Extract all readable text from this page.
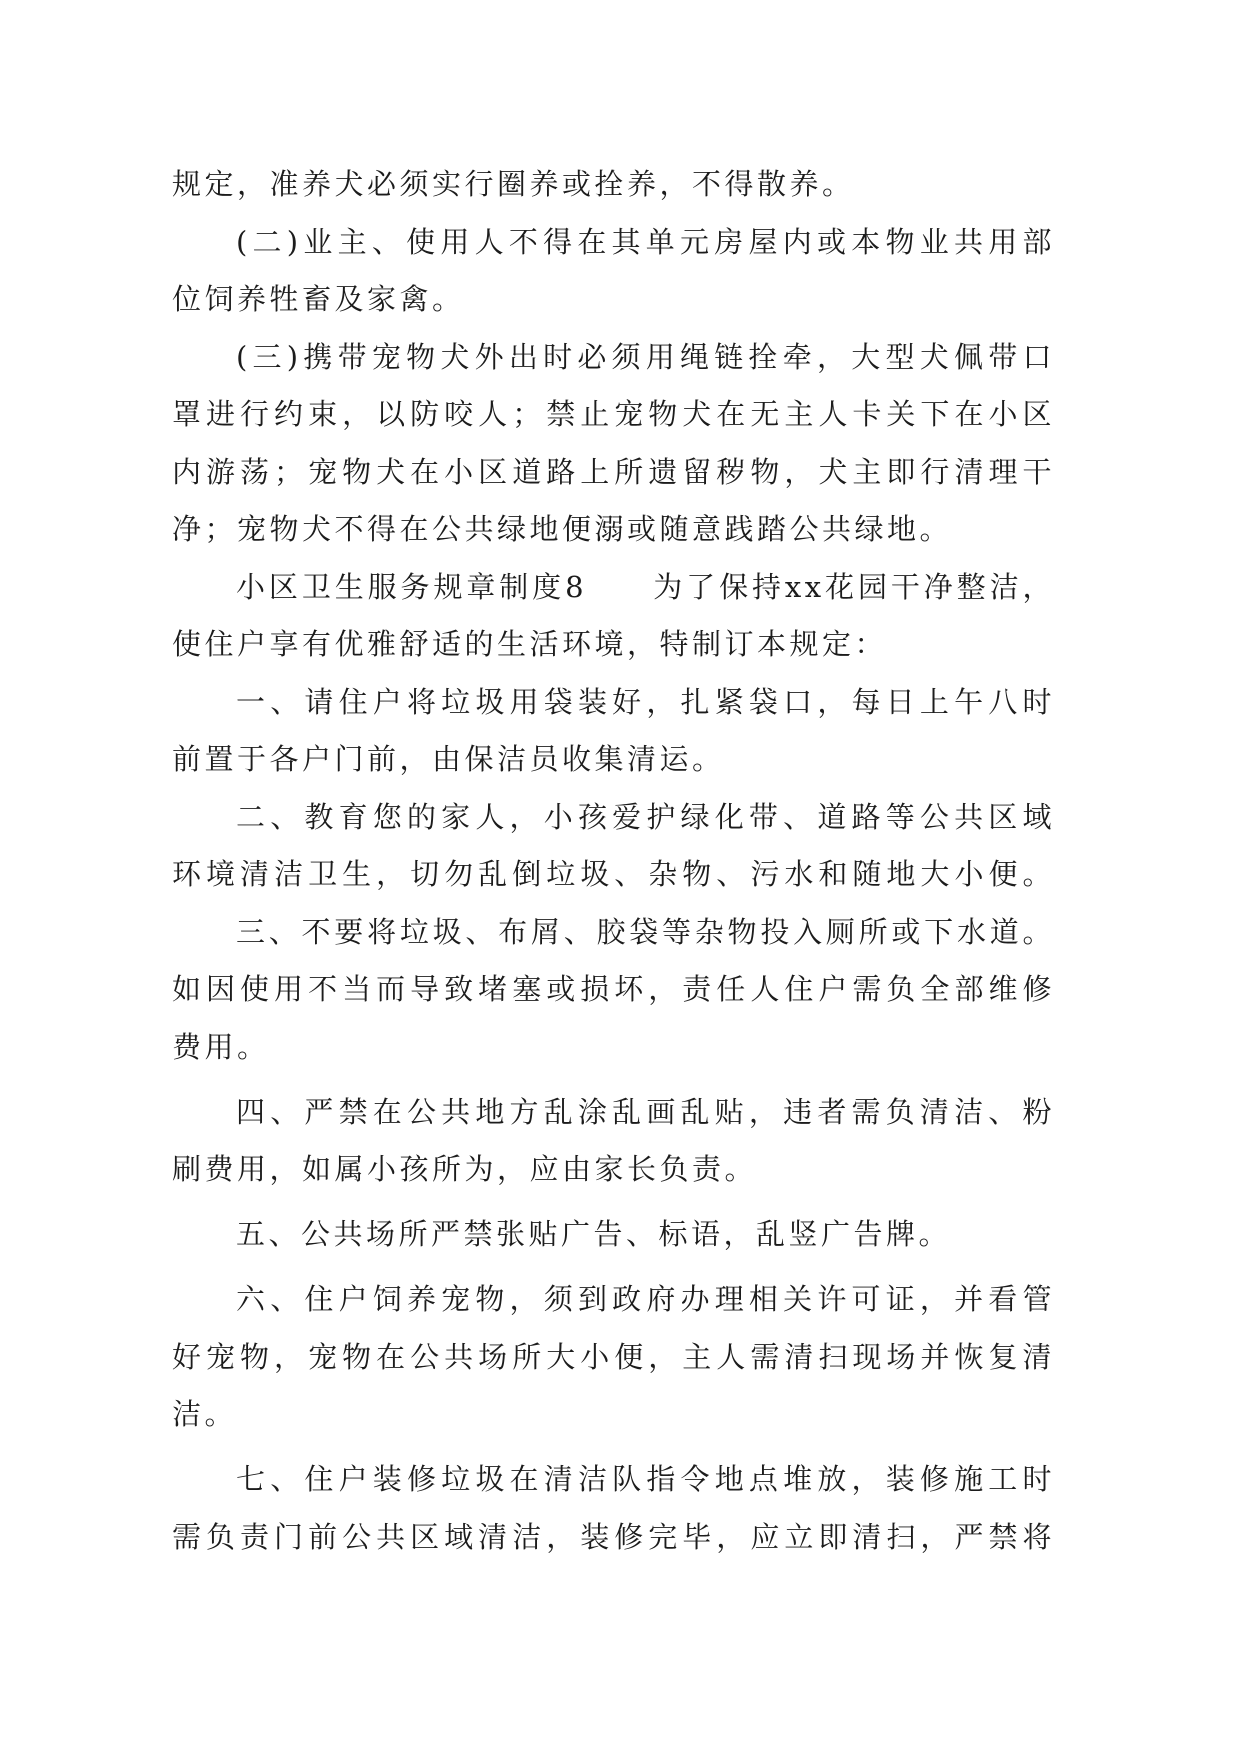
规定，准养犬必须实行圈养或拴养，不得散养。
(二)业主、使用人不得在其单元房屋内或本物业共用部
位饲养牲畜及家禽。
(三)携带宠物犬外出时必须用绳链拴牵，大型犬佩带口
罩进行约束，以防咬人；禁止宠物犬在无主人卡关下在小区
内游荡；宠物犬在小区道路上所遗留秽物，犬主即行清理干
净；宠物犬不得在公共绿地便溺或随意践踏公共绿地。
小区卫生服务规章制度8　　为了保持xx花园干净整洁，
使住户享有优雅舒适的生活环境，特制订本规定：
一、请住户将垃圾用袋装好，扎紧袋口，每日上午八时
前置于各户门前，由保洁员收集清运。
二、教育您的家人，小孩爱护绿化带、道路等公共区域
环境清洁卫生，切勿乱倒垃圾、杂物、污水和随地大小便。
三、不要将垃圾、布屑、胶袋等杂物投入厕所或下水道。
如因使用不当而导致堵塞或损坏，责任人住户需负全部维修
费用。
四、严禁在公共地方乱涂乱画乱贴，违者需负清洁、粉
刷费用，如属小孩所为，应由家长负责。
五、公共场所严禁张贴广告、标语，乱竖广告牌。
六、住户饲养宠物，须到政府办理相关许可证，并看管
好宠物，宠物在公共场所大小便，主人需清扫现场并恢复清
洁。
七、住户装修垃圾在清洁队指令地点堆放，装修施工时
需负责门前公共区域清洁，装修完毕，应立即清扫，严禁将
